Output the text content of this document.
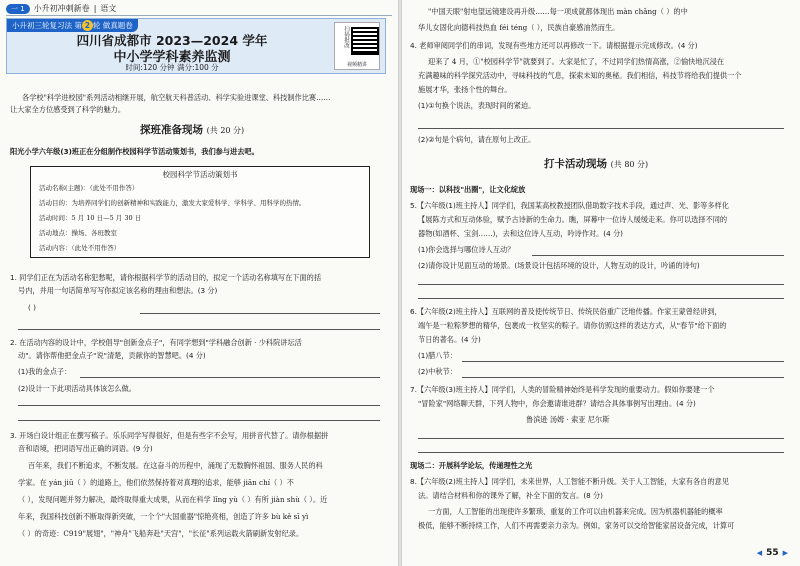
一 1	小升初冲刺新卷 | 语文
小升初三轮复习法 第 2 轮 做真题卷
四川省成都市 2023—2024 学年
中小学学科素养监测
时间:120 分钟 满分:100 分
扫码批改
视频精讲
各学校"科学进校园"系列活动相继开展，航空航天科普活动、科学实验进课堂、科技制作比赛……
让大家全方位感受到了科学的魅力。
探班准备现场 (共 20 分)
阳光小学六年级(3)班正在分组制作校园科学节活动策划书，我们参与进去吧。
校园科学节活动策划书
活动名称(主题)：（此处不用作答）
活动目的：为培养同学们的创新精神和实践能力，激发大家爱科学、学科学、用科学的热情。
活动时间：5 月 10 日—5 月 30 日
活动地点：操场、各班教室
活动内容：（此处不用作答）
1. 同学们正在为活动名称犯愁呢，请你根据科学节的活动目的，拟定一个活动名称填写在下面的括
号内，并用一句话简单写写你拟定该名称的理由和想法。(3 分)
( )
2. 在活动内容的设计中，学校倡导"创新金点子"，有同学想到"学科融合创新 · 少科院讲坛活
动"。请你帮他把金点子"说"清楚，贡献你的智慧吧。(4 分)
(1)我的金点子：
(2)设计一下此项活动具体该怎么做。
3. 开场白设计组正在撰写稿子。乐乐同学写得很好，但是有些字不会写，用拼音代替了。请你根据拼
音和语境，把词语写出正确的词语。(9 分)
百年来，我们不断追求，不断发展。在这奋斗的历程中，涌现了无数胸怀祖国、服务人民的科
学家。在 yán jiū（ ）的道路上，他们依然保持着对真理的追求，能够 jiān chí（ ）不
（ ），发现问题并努力解决，最终取得重大成果，从而在科学 lǐng yù（ ）有所 jiàn shù（ ）。近
年来，我国科技创新不断取得新突破，一个个"大国重器"惊艳亮相，创造了许多 bù kě sī yì
（ ）的奇迹：C919"展翅"，"神舟"飞船奔赴"天宫"，"长征"系列运载火箭刷新发射纪录。
"中国天眼"射电望远镜建设再升级……每一项成就都体现出 màn chǎng（ ）的中
华儿女固化向德科技热血 féi téng（ ），民族自豪感油然而生。
4. 老师审阅同学们的串词，发现有些地方还可以再修改一下。请根据提示完成修改。(4 分)
迎来了 4 月，①"校园科学节"就要到了。大家是忙了，不过同学们热情高涨，②愉快地沉浸在
充满趣味的科学探究活动中，寻味科技的气息，探索未知的奥秘。我们相信，科技节将给我们提供一个
施展才华，张扬个性的舞台。
(1)①句换个说法，表现时间的紧迫。
(2)②句是个病句，请在原句上改正。
打卡活动现场 (共 80 分)
现场一：以科技"出圈"，让文化绽放
5.【六年级(1)班主持人】同学们，我国某高校教授团队借助数字技术手段，通过声、光、影等多样化
【展陈方式和互动体验，赋予古诗新的生命力。瞧，屏幕中一位诗人缓缓走来。你可以选择不同的
器物(如酒杯、宝剑……)，去和这位诗人互动，吟诗作对。(4 分)
(1)你会选择与哪位诗人互动？
(2)请你设计见面互动的场景。(场景设计包括环境的设计，人物互动的设计，吟诵的诗句)
6.【六年级(2)班主持人】互联网的普及使传统节日、传统民俗重广泛地传播。作家王蒙曾经讲到，
端午是一粒粽梦想的精华，包裹成一枚坚实的粽子。请你仿照这样的表达方式，从"春节"给下面的
节日的著名。(4 分)
(1)腊八节：
(2)中秋节：
7.【六年级(3)班主持人】同学们，人类的冒险精神始终是科学发现的重要动力。假如你要建一个
"冒险家"网络聊天群，下列人物中，你会邀请谁进群？请结合具体事例写出理由。(4 分)
鲁滨逊 汤姆 · 索亚 尼尔斯
现场二：开展科学论坛，传递理性之光
8.【六年级(2)班主持人】同学们，未来世界，人工智能不断升级。关于人工智能，大家有各自的意见
法。请结合材料和你的课外了解，补全下面的发言。(8 分)
一方面，人工智能的出现使许多繁琐、重复的工作可以由机器来完成。因为机器机器能的概率
极低，能够不断持续工作，人们不再需要亲力亲为。例如，家务可以交给智能家居设备完成，计算可
◀ 55 ▶
